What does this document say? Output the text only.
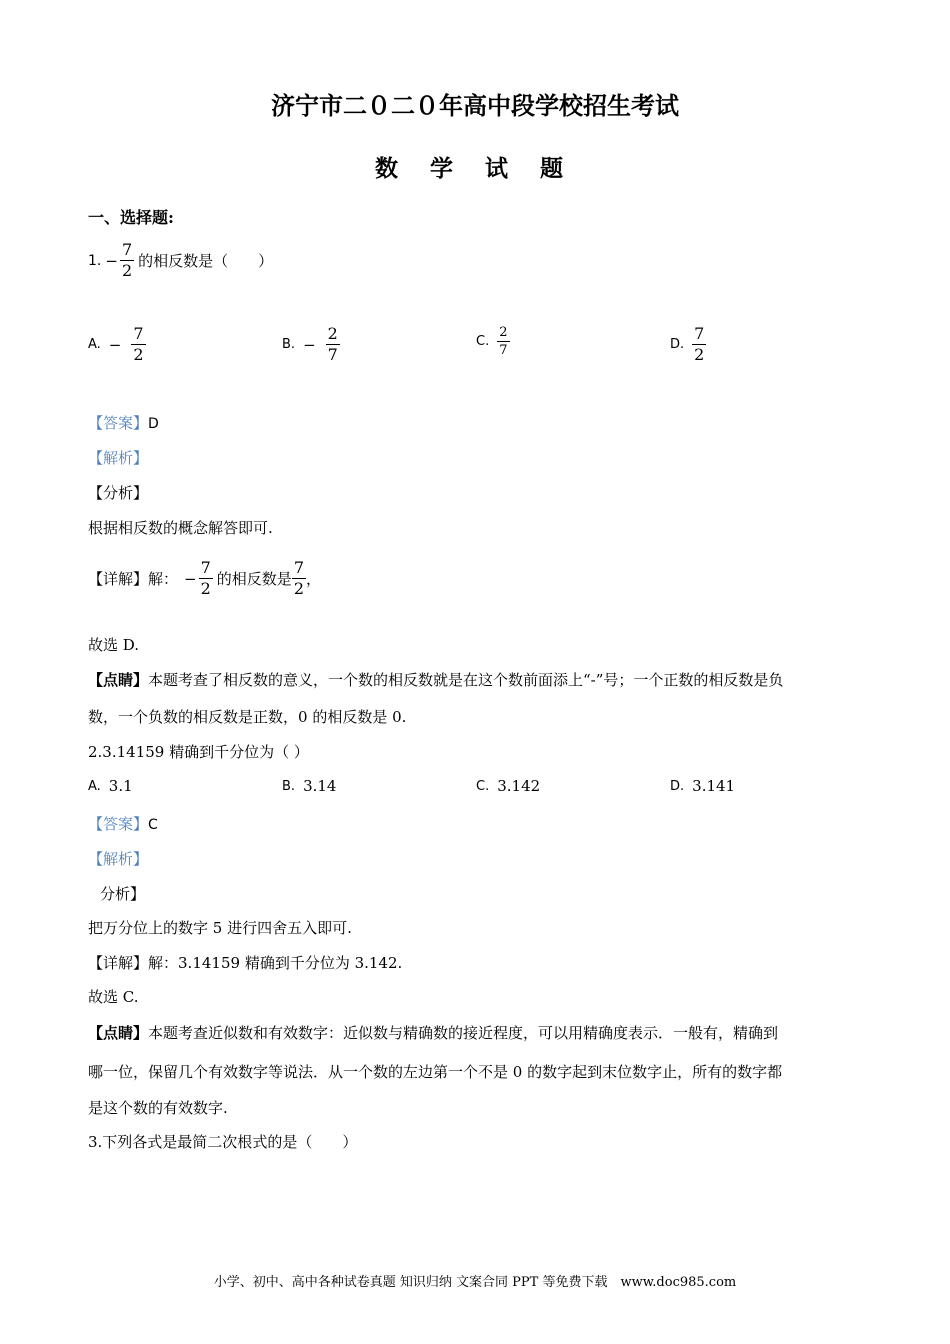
济宁市二０二０年高中段学校招生考试
数 学 试 题
一、选择题:
1. − $\frac{7}{2}$ 的相反数是（　　）
A. − $\frac{7}{2}$	B. − $\frac{2}{7}$	C. $\frac{2}{7}$	D. $\frac{7}{2}$
【答案】D
【解析】
【分析】
根据相反数的概念解答即可.
【详解】 解： − $\frac{7}{2}$ 的相反数是 $\frac{7}{2}$ ，
故选 D.
【点睛】本题考查了相反数的意义，一个数的相反数就是在这个数前面添上“-”号；一个正数的相反数是负
数，一个负数的相反数是正数，0 的相反数是 0.
2.3.14159 精确到千分位为（ ）
A. 3.1	B. 3.14	C. 3.142	D. 3.141
【答案】C
【解析】
分析】
把万分位上的数字 5 进行四舍五入即可.
【详解】解：3.14159 精确到千分位为 3.142.
故选 C.
【点睛】本题考查近似数和有效数字：近似数与精确数的接近程度，可以用精确度表示．一般有，精确到
哪一位，保留几个有效数字等说法．从一个数的左边第一个不是 0 的数字起到末位数字止，所有的数字都
是这个数的有效数字.
3.下列各式是最简二次根式的是（　　）
小学、初中、高中各种试卷真题 知识归纳 文案合同 PPT 等免费下载　www.doc985.com
